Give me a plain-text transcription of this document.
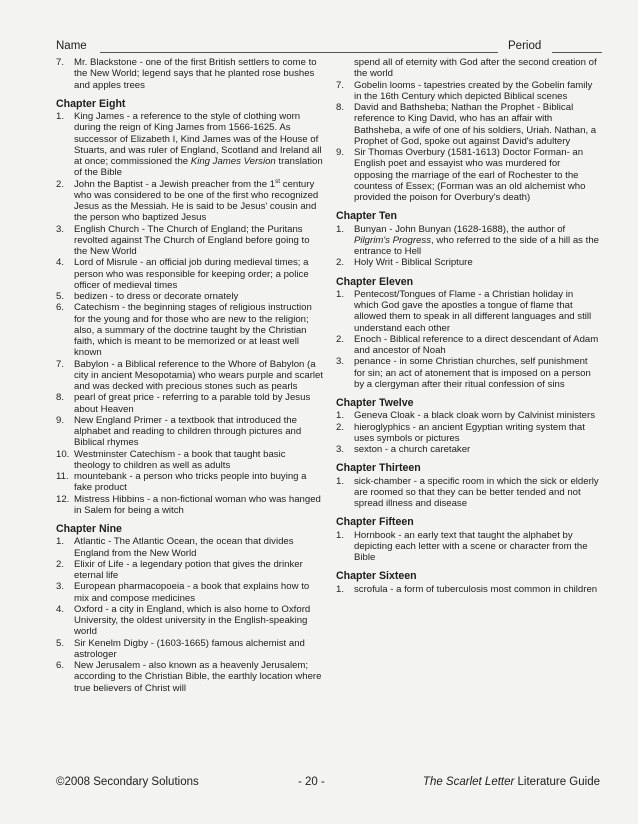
Name	Period
7.	Mr. Blackstone - one of the first British settlers to come to the New World; legend says that he planted rose bushes and apples trees
Chapter Eight
1.	King James - a reference to the style of clothing worn during the reign of King James from 1566-1625. As successor of Elizabeth I, Kind James was of the House of Stuarts, and was ruler of England, Scotland and Ireland all at once; commissioned the King James Version translation of the Bible
2.	John the Baptist - a Jewish preacher from the 1st century who was considered to be one of the first who recognized Jesus as the Messiah. He is said to be Jesus' cousin and the person who baptized Jesus
3.	English Church - The Church of England; the Puritans revolted against The Church of England before going to the New World
4.	Lord of Misrule - an official job during medieval times; a person who was responsible for keeping order; a police officer of medieval times
5.	bedizen - to dress or decorate ornately
6.	Catechism - the beginning stages of religious instruction for the young and for those who are new to the religion; also, a summary of the doctrine taught by the Christian faith, which is meant to be memorized or at least well known
7.	Babylon - a Biblical reference to the Whore of Babylon (a city in ancient Mesopotamia) who wears purple and scarlet and was decked with precious stones such as pearls
8.	pearl of great price - referring to a parable told by Jesus about Heaven
9.	New England Primer - a textbook that introduced the alphabet and reading to children through pictures and Biblical rhymes
10. Westminster Catechism - a book that taught basic theology to children as well as adults
11. mountebank - a person who tricks people into buying a fake product
12. Mistress Hibbins - a non-fictional woman who was hanged in Salem for being a witch
Chapter Nine
1.	Atlantic - The Atlantic Ocean, the ocean that divides England from the New World
2.	Elixir of Life - a legendary potion that gives the drinker eternal life
3.	European pharmacopoeia - a book that explains how to mix and compose medicines
4.	Oxford - a city in England, which is also home to Oxford University, the oldest university in the English-speaking world
5.	Sir Kenelm Digby - (1603-1665) famous alchemist and astrologer
6.	New Jerusalem - also known as a heavenly Jerusalem; according to the Christian Bible, the earthly location where true believers of Christ will

spend all of eternity with God after the second creation of the world

7.	Gobelin looms - tapestries created by the Gobelin family in the 16th Century which depicted Biblical scenes
8.	David and Bathsheba; Nathan the Prophet - Biblical reference to King David, who has an affair with Bathsheba, a wife of one of his soldiers, Uriah. Nathan, a Prophet of God, spoke out against David's adultery
9.	Sir Thomas Overbury (1581-1613) Doctor Forman- an English poet and essayist who was murdered for opposing the marriage of the earl of Rochester to the countess of Essex; (Forman was an old alchemist who provided the poison for Overbury's death)
Chapter Ten
1.	Bunyan - John Bunyan (1628-1688), the author of Pilgrim's Progress, who referred to the side of a hill as the entrance to Hell
2.	Holy Writ - Biblical Scripture
Chapter Eleven
1.	Pentecost/Tongues of Flame - a Christian holiday in which God gave the apostles a tongue of flame that allowed them to speak in all different languages and still understand each other
2.	Enoch - Biblical reference to a direct descendant of Adam and ancestor of Noah
3.	penance - in some Christian churches, self punishment for sin; an act of atonement that is imposed on a person by a clergyman after their ritual confession of sins
Chapter Twelve
1.	Geneva Cloak - a black cloak worn by Calvinist ministers
2.	hieroglyphics - an ancient Egyptian writing system that uses symbols or pictures
3.	sexton - a church caretaker
Chapter Thirteen
1.	sick-chamber - a specific room in which the sick or elderly are roomed so that they can be better tended and not spread illness and disease
Chapter Fifteen
1.	Hornbook - an early text that taught the alphabet by depicting each letter with a scene or character from the Bible
Chapter Sixteen
1.	scrofula - a form of tuberculosis most common in children
©2008 Secondary Solutions	- 20 -	The Scarlet Letter Literature Guide
